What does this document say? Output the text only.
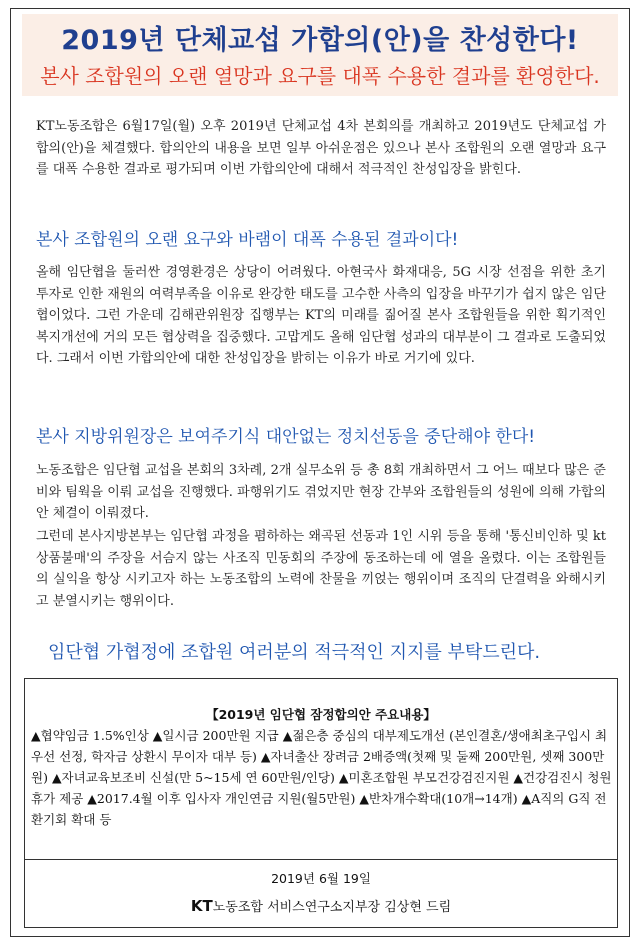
2019년 단체교섭 가합의(안)을 찬성한다!
본사 조합원의 오랜 열망과 요구를 대폭 수용한 결과를 환영한다.
KT노동조합은 6월17일(월) 오후 2019년 단체교섭 4차 본회의를 개최하고 2019년도 단체교섭 가합의(안)을 체결했다. 합의안의 내용을 보면 일부 아쉬운점은 있으나 본사 조합원의 오랜 열망과 요구를 대폭 수용한 결과로 평가되며 이번 가합의안에 대해서 적극적인 찬성입장을 밝힌다.
본사 조합원의 오랜 요구와 바램이 대폭 수용된 결과이다!
올해 임단협을 둘러싼 경영환경은 상당이 어려웠다. 아현국사 화재대응, 5G 시장 선점을 위한 초기 투자로 인한 재원의 여력부족을 이유로 완강한 태도를 고수한 사측의 입장을 바꾸기가 쉽지 않은 임단협이었다. 그런 가운데 김해관위원장 집행부는 KT의 미래를 짊어질 본사 조합원들을 위한 획기적인 복지개선에 거의 모든 협상력을 집중했다. 고맙게도 올해 임단협 성과의 대부분이 그 결과로 도출되었다. 그래서 이번 가합의안에 대한 찬성입장을 밝히는 이유가 바로 거기에 있다.
본사 지방위원장은 보여주기식 대안없는 정치선동을 중단해야 한다!
노동조합은 임단협 교섭을 본회의 3차례, 2개 실무소위 등 총 8회 개최하면서 그 어느 때보다 많은 준비와 팀웍을 이뤄 교섭을 진행했다. 파행위기도 겪었지만 현장 간부와 조합원들의 성원에 의해 가합의안 체결이 이뤄졌다.
그런데 본사지방본부는 임단협 과정을 폄하하는 왜곡된 선동과 1인 시위 등을 통해 '통신비인하 및 kt상품불매'의 주장을 서슴지 않는 사조직 민동회의 주장에 동조하는데 에 열을 올렸다. 이는 조합원들의 실익을 항상 시키고자 하는 노동조합의 노력에 찬물을 끼얹는 행위이며 조직의 단결력을 와해시키고 분열시키는 행위이다.
임단협 가협정에 조합원 여러분의 적극적인 지지를 부탁드린다.
【2019년 임단협 잠정합의안 주요내용】
▲협약임금 1.5%인상 ▲일시금 200만원 지급 ▲젊은층 중심의 대부제도개선 (본인결혼/생애최초구입시 최우선 선정, 학자금 상환시 무이자 대부 등) ▲자녀출산 장려금 2배증액(첫째 및 둘째 200만원, 셋째 300만원) ▲자녀교육보조비 신설(만 5~15세 연 60만원/인당) ▲미혼조합원 부모건강검진지원 ▲건강검진시 청원휴가 제공 ▲2017.4월 이후 입사자 개인연금 지원(월5만원) ▲반차개수확대(10개→14개) ▲A직의 G직 전환기회 확대 등
2019년 6월 19일
KT노동조합 서비스연구소지부장 김상현 드림
